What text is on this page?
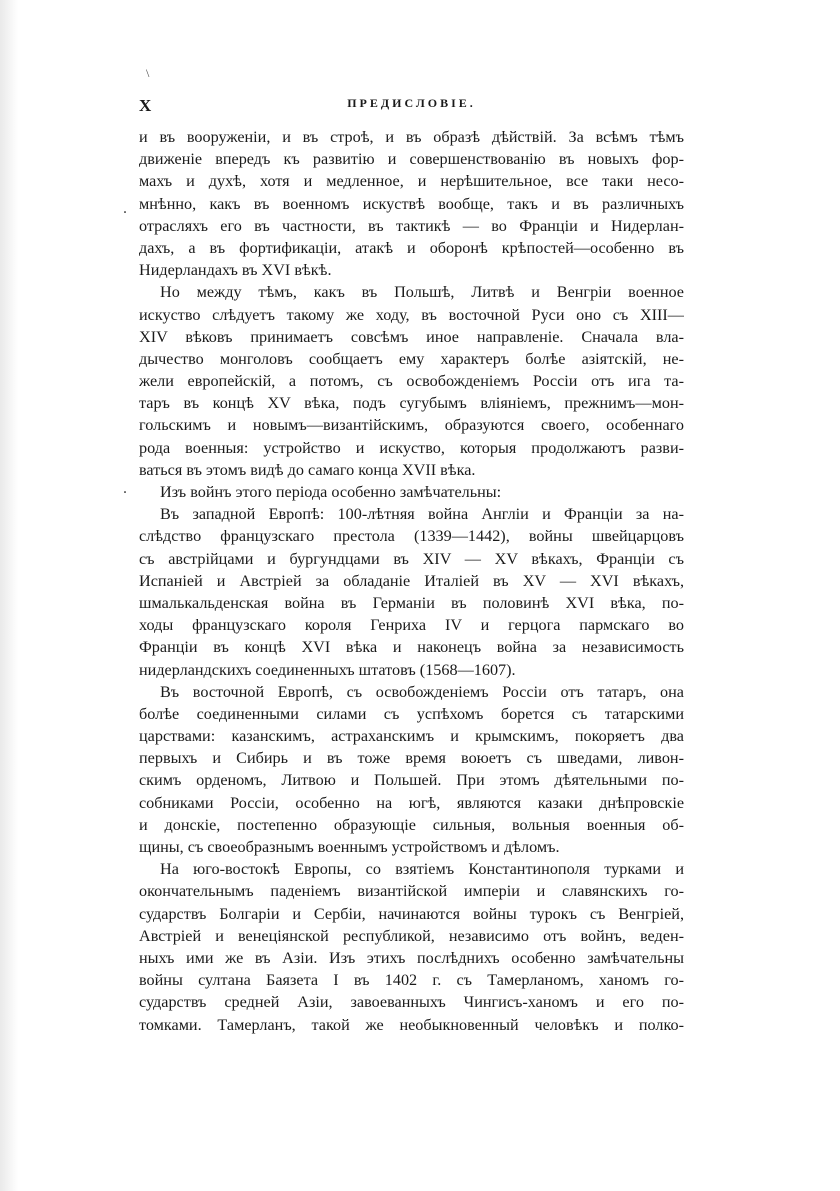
\
.
.
X	ПРЕДИСЛОВІЕ.
и въ вооруженіи, и въ строѣ, и въ образѣ дѣйствій. За всѣмъ тѣмъ
движеніе впередъ къ развитію и совершенствованію въ новыхъ фор-
махъ и духѣ, хотя и медленное, и нерѣшительное, все таки несо-
мнѣнно, какъ въ военномъ искуствѣ вообще, такъ и въ различныхъ
отрасляхъ его въ частности, въ тактикѣ — во Франціи и Нидерлан-
дахъ, а въ фортификаціи, атакѣ и оборонѣ крѣпостей—особенно въ
Нидерландахъ въ XVI вѣкѣ.
Но между тѣмъ, какъ въ Польшѣ, Литвѣ и Венгріи военное
искуство слѣдуетъ такому же ходу, въ восточной Руси оно съ XIII—
XIV вѣковъ принимаетъ совсѣмъ иное направленіе. Сначала вла-
дычество монголовъ сообщаетъ ему характеръ болѣе азіятскій, не-
жели европейскій, а потомъ, съ освобожденіемъ Россіи отъ ига та-
таръ въ концѣ XV вѣка, подъ сугубымъ вліяніемъ, прежнимъ—мон-
гольскимъ и новымъ—византійскимъ, образуются своего, особеннаго
рода военныя: устройство и искуство, которыя продолжаютъ разви-
ваться въ этомъ видѣ до самаго конца XVII вѣка.
Изъ войнъ этого періода особенно замѣчательны:
Въ западной Европѣ: 100-лѣтняя война Англіи и Франціи за на-
слѣдство французскаго престола (1339—1442), войны швейцарцовъ
съ австрійцами и бургундцами въ XIV — XV вѣкахъ, Франціи съ
Испаніей и Австріей за обладаніе Италіей въ XV — XVI вѣкахъ,
шмалькальденская война въ Германіи въ половинѣ XVI вѣка, по-
ходы французскаго короля Генриха IV и герцога пармскаго во
Франціи въ концѣ XVI вѣка и наконецъ война за независимость
нидерландскихъ соединенныхъ штатовъ (1568—1607).
Въ восточной Европѣ, съ освобожденіемъ Россіи отъ татаръ, она
болѣе соединенными силами съ успѣхомъ борется съ татарскими
царствами: казанскимъ, астраханскимъ и крымскимъ, покоряетъ два
первыхъ и Сибирь и въ тоже время воюетъ съ шведами, ливон-
скимъ орденомъ, Литвою и Польшей. При этомъ дѣятельными по-
собниками Россіи, особенно на югѣ, являются казаки днѣпровскіе
и донскіе, постепенно образующіе сильныя, вольныя военныя об-
щины, съ своеобразнымъ военнымъ устройствомъ и дѣломъ.
На юго-востокѣ Европы, со взятіемъ Константинополя турками и
окончательнымъ паденіемъ византійской имперіи и славянскихъ го-
сударствъ Болгаріи и Сербіи, начинаются войны турокъ съ Венгріей,
Австріей и венеціянской республикой, независимо отъ войнъ, веден-
ныхъ ими же въ Азіи. Изъ этихъ послѣднихъ особенно замѣчательны
войны султана Баязета I въ 1402 г. съ Тамерланомъ, ханомъ го-
сударствъ средней Азіи, завоеванныхъ Чингисъ-ханомъ и его по-
томками. Тамерланъ, такой же необыкновенный человѣкъ и полко-
